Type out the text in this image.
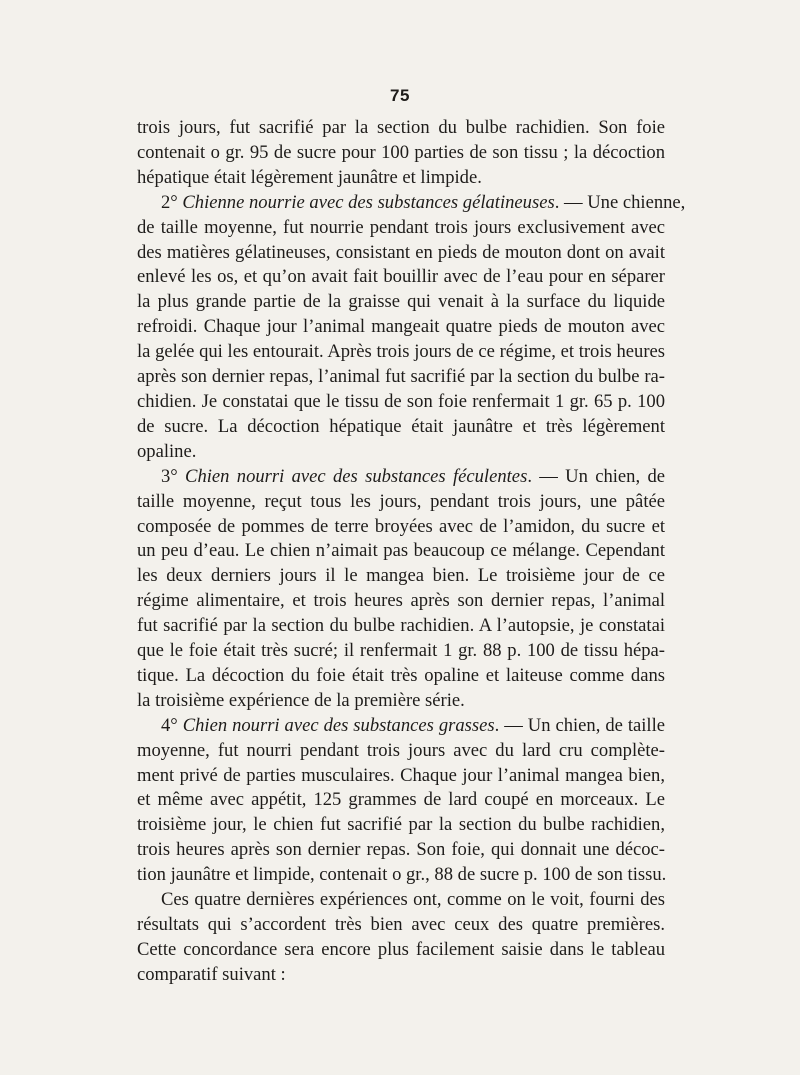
75
trois jours, fut sacrifié par la section du bulbe rachidien. Son foie
contenait o gr. 95 de sucre pour 100 parties de son tissu ; la décoction
hépatique était légèrement jaunâtre et limpide.
2° Chienne nourrie avec des substances gélatineuses. — Une chienne,
de taille moyenne, fut nourrie pendant trois jours exclusivement avec
des matières gélatineuses, consistant en pieds de mouton dont on avait
enlevé les os, et qu’on avait fait bouillir avec de l’eau pour en séparer
la plus grande partie de la graisse qui venait à la surface du liquide
refroidi. Chaque jour l’animal mangeait quatre pieds de mouton avec
la gelée qui les entourait. Après trois jours de ce régime, et trois heures
après son dernier repas, l’animal fut sacrifié par la section du bulbe ra-
chidien. Je constatai que le tissu de son foie renfermait 1 gr. 65 p. 100
de sucre. La décoction hépatique était jaunâtre et très légèrement
opaline.
3° Chien nourri avec des substances féculentes. — Un chien, de
taille moyenne, reçut tous les jours, pendant trois jours, une pâtée
composée de pommes de terre broyées avec de l’amidon, du sucre et
un peu d’eau. Le chien n’aimait pas beaucoup ce mélange. Cependant
les deux derniers jours il le mangea bien. Le troisième jour de ce
régime alimentaire, et trois heures après son dernier repas, l’animal
fut sacrifié par la section du bulbe rachidien. A l’autopsie, je constatai
que le foie était très sucré; il renfermait 1 gr. 88 p. 100 de tissu hépa-
tique. La décoction du foie était très opaline et laiteuse comme dans
la troisième expérience de la première série.
4° Chien nourri avec des substances grasses. — Un chien, de taille
moyenne, fut nourri pendant trois jours avec du lard cru complète-
ment privé de parties musculaires. Chaque jour l’animal mangea bien,
et même avec appétit, 125 grammes de lard coupé en morceaux. Le
troisième jour, le chien fut sacrifié par la section du bulbe rachidien,
trois heures après son dernier repas. Son foie, qui donnait une décoc-
tion jaunâtre et limpide, contenait o gr., 88 de sucre p. 100 de son tissu.
Ces quatre dernières expériences ont, comme on le voit, fourni des
résultats qui s’accordent très bien avec ceux des quatre premières.
Cette concordance sera encore plus facilement saisie dans le tableau
comparatif suivant :
